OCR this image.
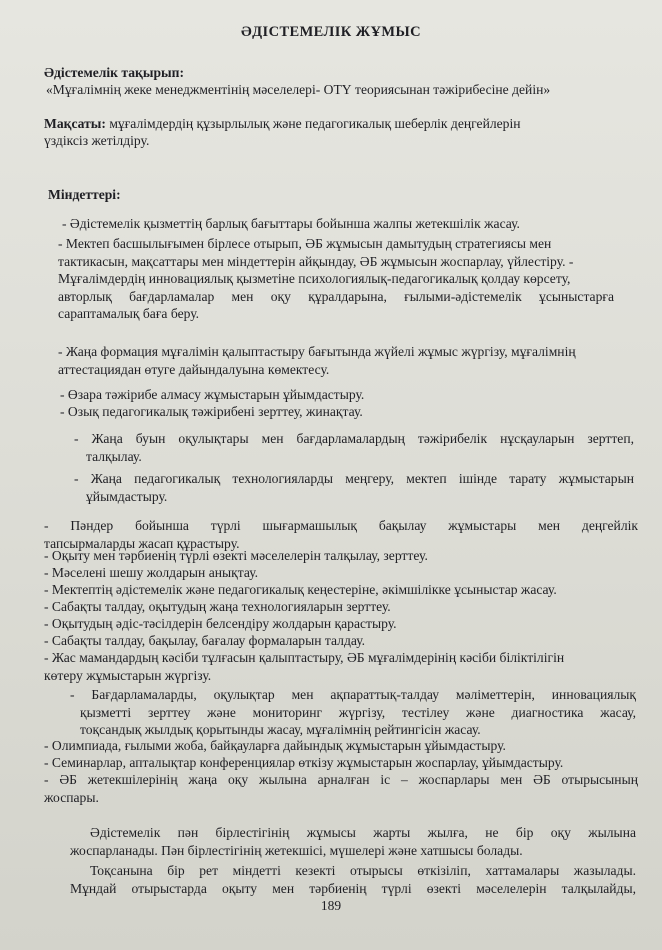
ӘДІСТЕМЕЛІК ЖҰМЫС
Әдістемелік тақырып:
«Мұғалімнің жеке менеджментінің мәселелері- ОТҮ теориясынан тәжірибесіне дейін»
Мақсаты: мұғалімдердің құзырлылық және педагогикалық шеберлік деңгейлерін
үздіксіз жетілдіру.
Міндеттері:
- Әдістемелік қызметтің барлық бағыттары бойынша жалпы жетекшілік жасау.
- Мектеп басшылығымен бірлесе отырып, ӘБ жұмысын дамытудың стратегиясы мен
тактикасын, мақсаттары мен міндеттерін айқындау, ӘБ жұмысын жоспарлау, үйлестіру. -
Мұғалімдердің инновациялық қызметіне психологиялық-педагогикалық қолдау көрсету,
авторлық бағдарламалар мен оқу құралдарына, ғылыми-әдістемелік ұсыныстарға
сараптамалық баға беру.
- Жаңа формация мұғалімін қалыптастыру бағытында жүйелі жұмыс жүргізу, мұғалімнің
аттестациядан өтуге дайындалуына көмектесу.
- Өзара тәжірибе алмасу жұмыстарын ұйымдастыру.
- Озық педагогикалық тәжірибені зерттеу, жинақтау.
- Жаңа буын оқулықтары мен бағдарламалардың тәжірибелік нұсқауларын зерттеп,
талқылау.
- Жаңа педагогикалық технологияларды меңгеру, мектеп ішінде тарату жұмыстарын
ұйымдастыру.
- Пәндер бойынша түрлі шығармашылық бақылау жұмыстары мен деңгейлік
тапсырмаларды жасап құрастыру.
- Оқыту мен тәрбиенің түрлі өзекті мәселелерін талқылау, зерттеу.
- Мәселені шешу жолдарын анықтау.
- Мектептің әдістемелік және педагогикалық кеңестеріне, әкімшілікке ұсыныстар жасау.
- Сабақты талдау, оқытудың жаңа технологияларын зерттеу.
- Оқытудың әдіс-тәсілдерін белсендіру жолдарын қарастыру.
- Сабақты талдау, бақылау, бағалау формаларын талдау.
- Жас мамандардың кәсіби тұлғасын қалыптастыру, ӘБ мұғалімдерінің кәсіби біліктілігін
көтеру жұмыстарын жүргізу.
- Бағдарламаларды, оқулықтар мен ақпараттық-талдау мәліметтерін, инновациялық
қызметті зерттеу және мониторинг жүргізу, тестілеу және диагностика жасау,
тоқсандық жылдық қорытынды жасау, мұғалімнің рейтингісін жасау.
- Олимпиада, ғылыми жоба, байқауларға дайындық жұмыстарын ұйымдастыру.
- Семинарлар, апталықтар конференциялар өткізу жұмыстарын жоспарлау, ұйымдастыру.
- ӘБ жетекшілерінің жаңа оқу жылына арналған іс – жоспарлары мен ӘБ отырысының
жоспары.
Әдістемелік пән бірлестігінің жұмысы жарты жылға, не бір оқу жылына
жоспарланады. Пән бірлестігінің жетекшісі, мүшелері және хатшысы болады.
Тоқсанына бір рет міндетті кезекті отырысы өткізіліп, хаттамалары жазылады.
Мұндай отырыстарда оқыту мен тәрбиенің түрлі өзекті мәселелерін талқылайды,
189
